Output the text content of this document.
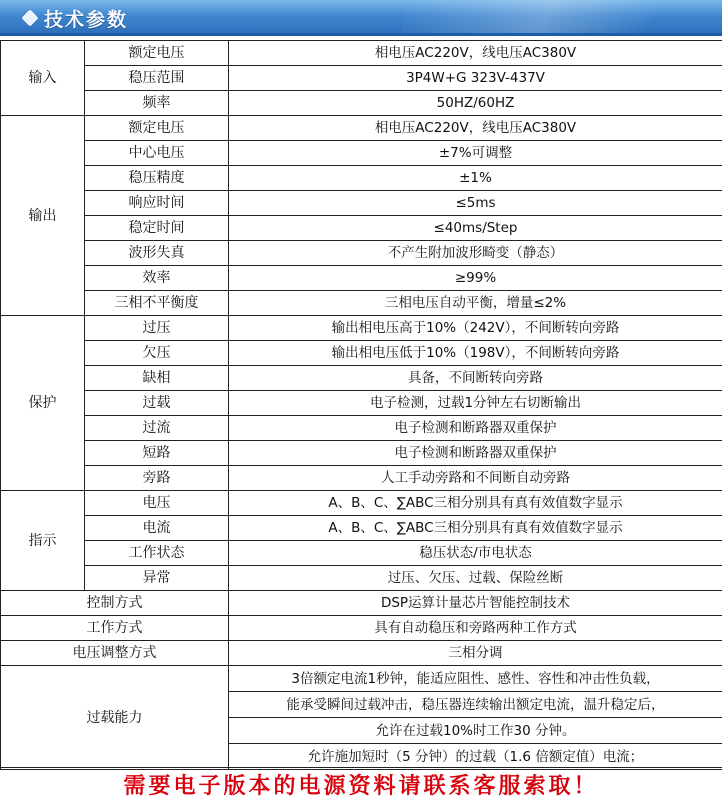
技术参数
输入	额定电压	相电压AC220V，线电压AC380V
	稳压范围	3P4W+G 323V-437V
	频率	50HZ/60HZ
输出	额定电压	相电压AC220V，线电压AC380V
	中心电压	±7%可调整
	稳压精度	±1%
	响应时间	≤5ms
	稳定时间	≤40ms/Step
	波形失真	不产生附加波形畸变（静态）
	效率	≥99%
	三相不平衡度	三相电压自动平衡，增量≤2%
保护	过压	输出相电压高于10%（242V），不间断转向旁路
	欠压	输出相电压低于10%（198V），不间断转向旁路
	缺相	具备，不间断转向旁路
	过载	电子检测，过载1分钟左右切断输出
	过流	电子检测和断路器双重保护
	短路	电子检测和断路器双重保护
	旁路	人工手动旁路和不间断自动旁路
指示	电压	A、B、C、∑ABC三相分别具有真有效值数字显示
	电流	A、B、C、∑ABC三相分别具有真有效值数字显示
	工作状态	稳压状态/市电状态
	异常	过压、欠压、过载、保险丝断
控制方式		DSP运算计量芯片智能控制技术
工作方式		具有自动稳压和旁路两种工作方式
电压调整方式		三相分调
过载能力		3倍额定电流1秒钟，能适应阻性、感性、容性和冲击性负载，
		能承受瞬间过载冲击，稳压器连续输出额定电流，温升稳定后，
		允许在过载10%时工作30 分钟。
		允许施加短时（5 分钟）的过载（1.6 倍额定值）电流；
需要电子版本的电源资料请联系客服索取！
